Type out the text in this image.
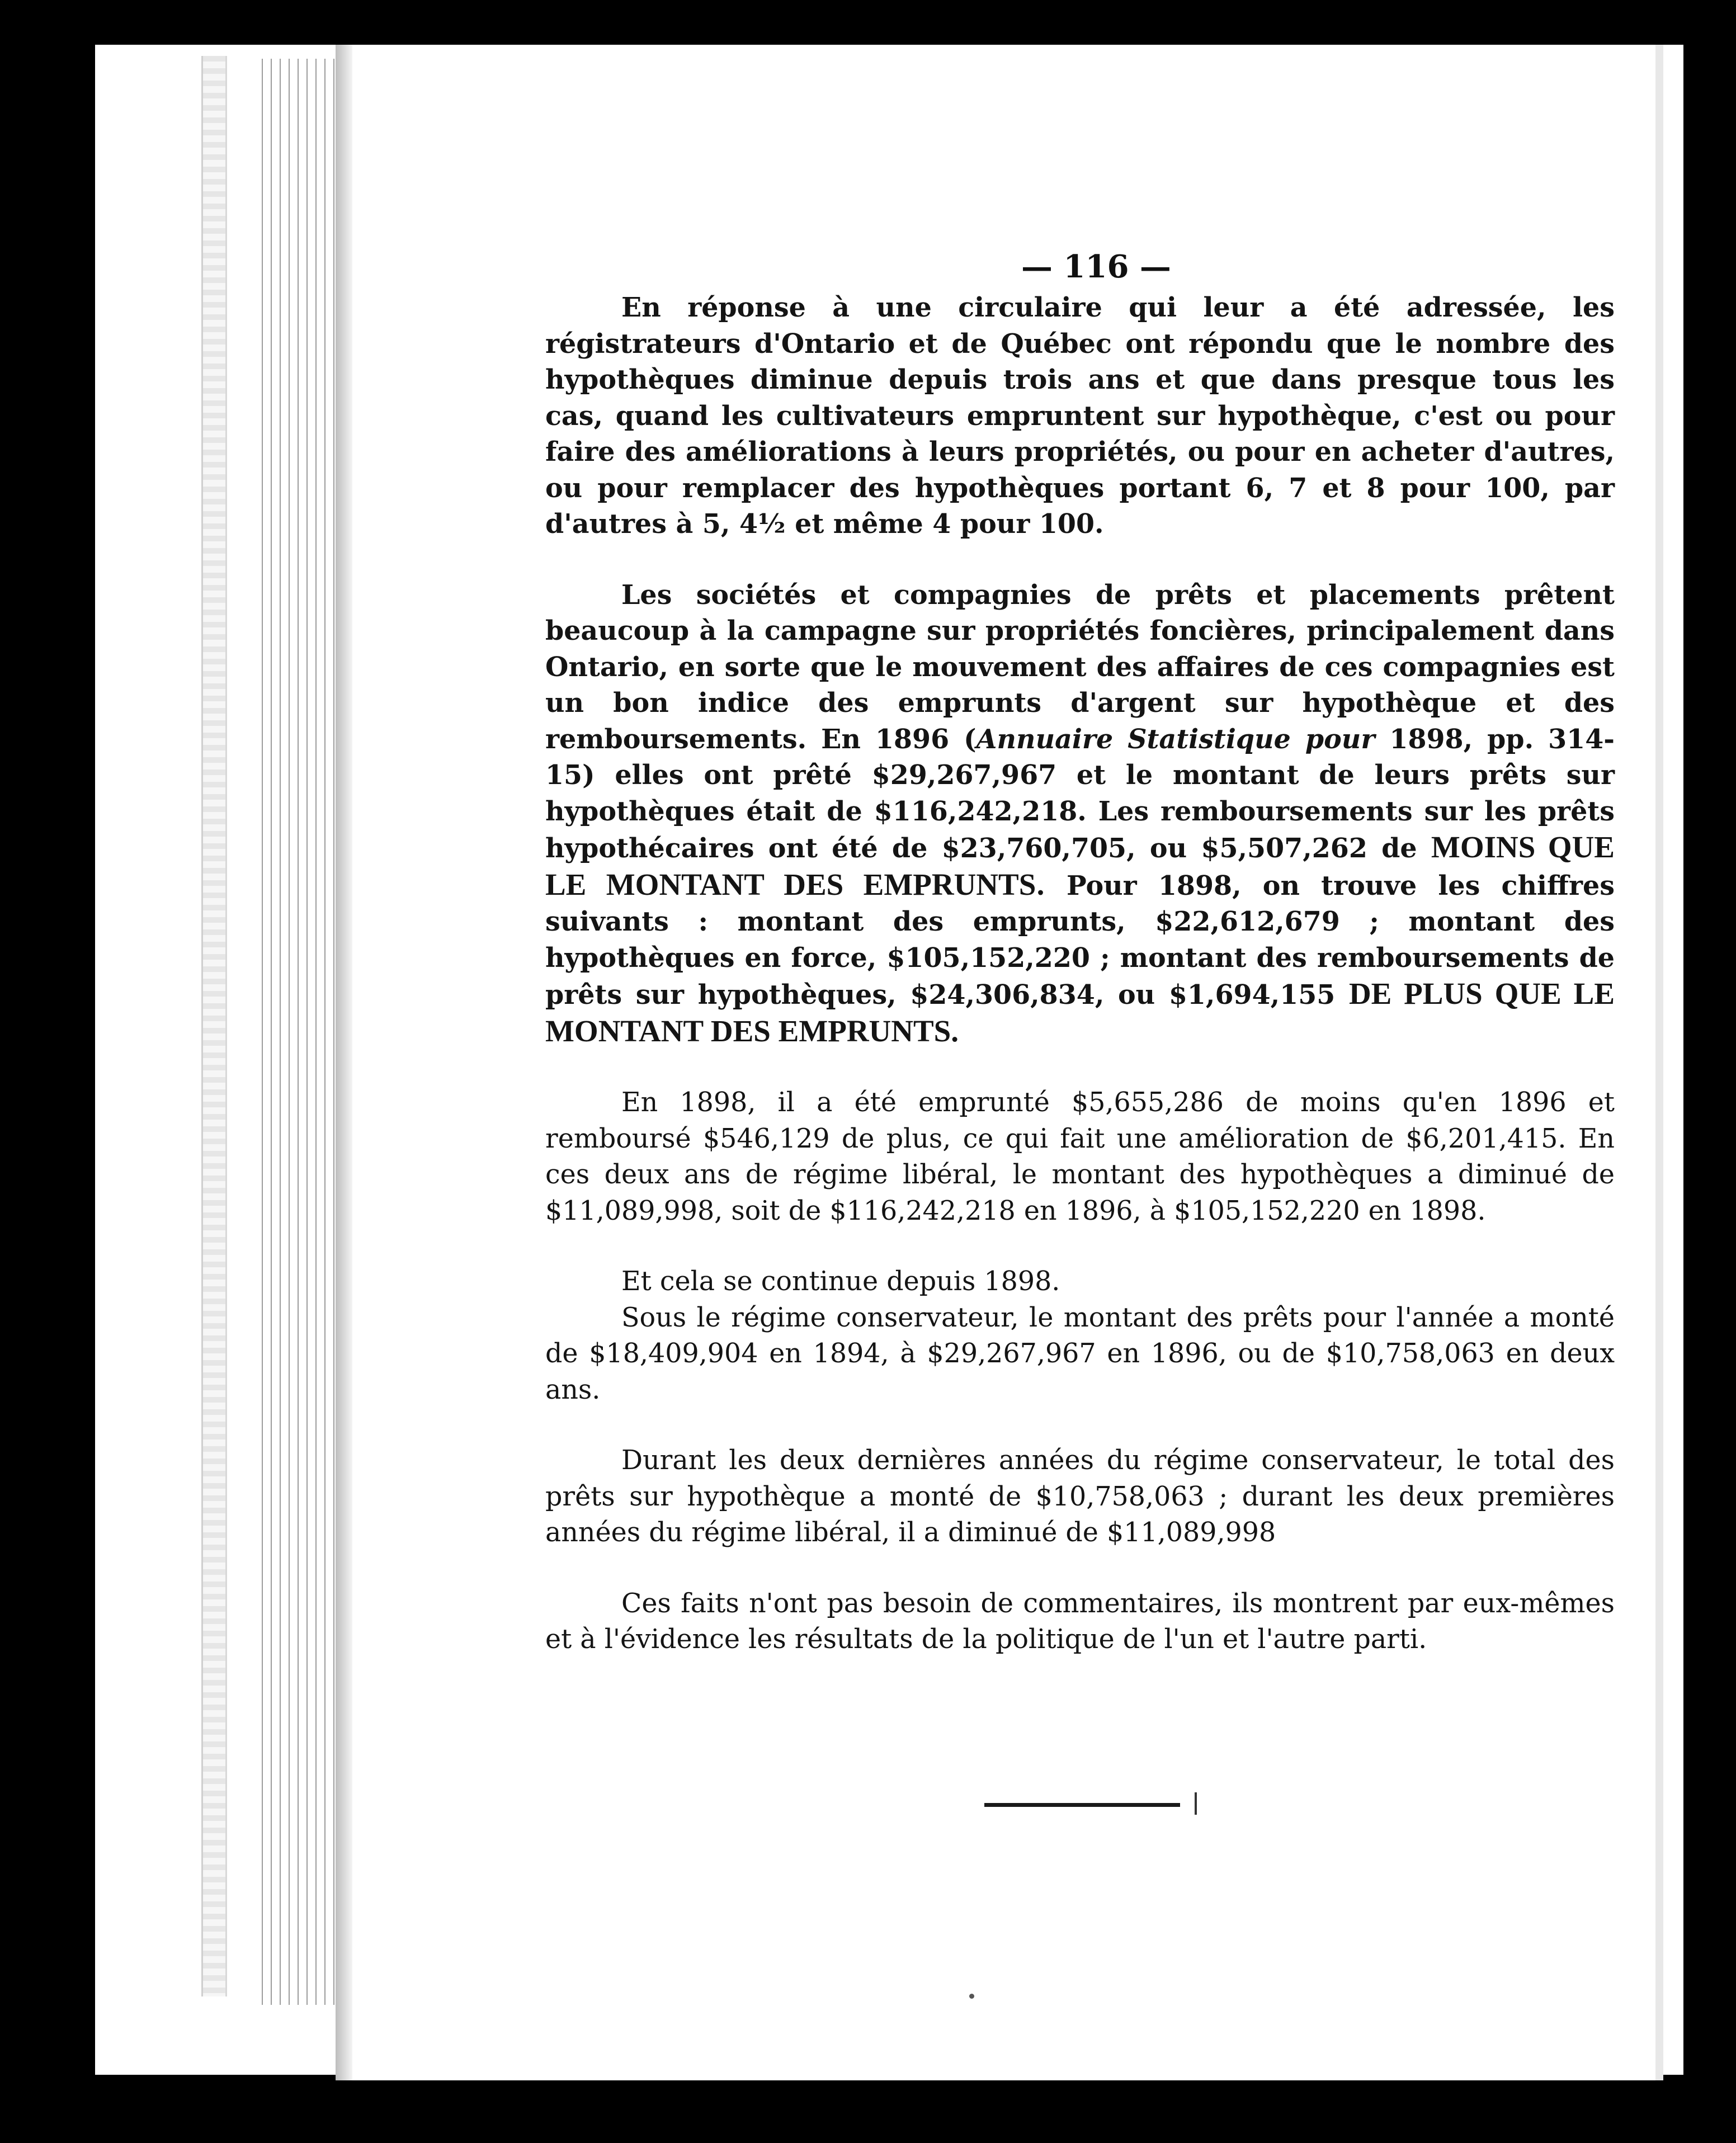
— 116 —

En réponse à une circulaire qui leur a été adressée, les régistrateurs d'Ontario et de Québec ont répondu que le nombre des hypothèques diminue depuis trois ans et que dans presque tous les cas, quand les cultivateurs empruntent sur hypothèque, c'est ou pour faire des améliorations à leurs propriétés, ou pour en acheter d'autres, ou pour remplacer des hypothèques portant 6, 7 et 8 pour 100, par d'autres à 5, 4½ et même 4 pour 100.

Les sociétés et compagnies de prêts et placements prêtent beaucoup à la campagne sur propriétés foncières, principalement dans Ontario, en sorte que le mouvement des affaires de ces compagnies est un bon indice des emprunts d'argent sur hypothèque et des remboursements. En 1896 (Annuaire Statistique pour 1898, pp. 314-15) elles ont prêté $29,267,967 et le montant de leurs prêts sur hypothèques était de $116,242,218. Les remboursements sur les prêts hypothécaires ont été de $23,760,705, ou $5,507,262 de MOINS QUE LE MONTANT DES EMPRUNTS. Pour 1898, on trouve les chiffres suivants : montant des emprunts, $22,612,679 ; montant des hypothèques en force, $105,152,220 ; montant des remboursements de prêts sur hypothèques, $24,306,834, ou $1,694,155 DE PLUS QUE LE MONTANT DES EMPRUNTS.

En 1898, il a été emprunté $5,655,286 de moins qu'en 1896 et remboursé $546,129 de plus, ce qui fait une amélioration de $6,201,415. En ces deux ans de régime libéral, le montant des hypothèques a diminué de $11,089,998, soit de $116,242,218 en 1896, à $105,152,220 en 1898.

Et cela se continue depuis 1898.

Sous le régime conservateur, le montant des prêts pour l'année a monté de $18,409,904 en 1894, à $29,267,967 en 1896, ou de $10,758,063 en deux ans.

Durant les deux dernières années du régime conservateur, le total des prêts sur hypothèque a monté de $10,758,063 ; durant les deux premières années du régime libéral, il a diminué de $11,089,998

Ces faits n'ont pas besoin de commentaires, ils montrent par eux-mêmes et à l'évidence les résultats de la politique de l'un et l'autre parti.
